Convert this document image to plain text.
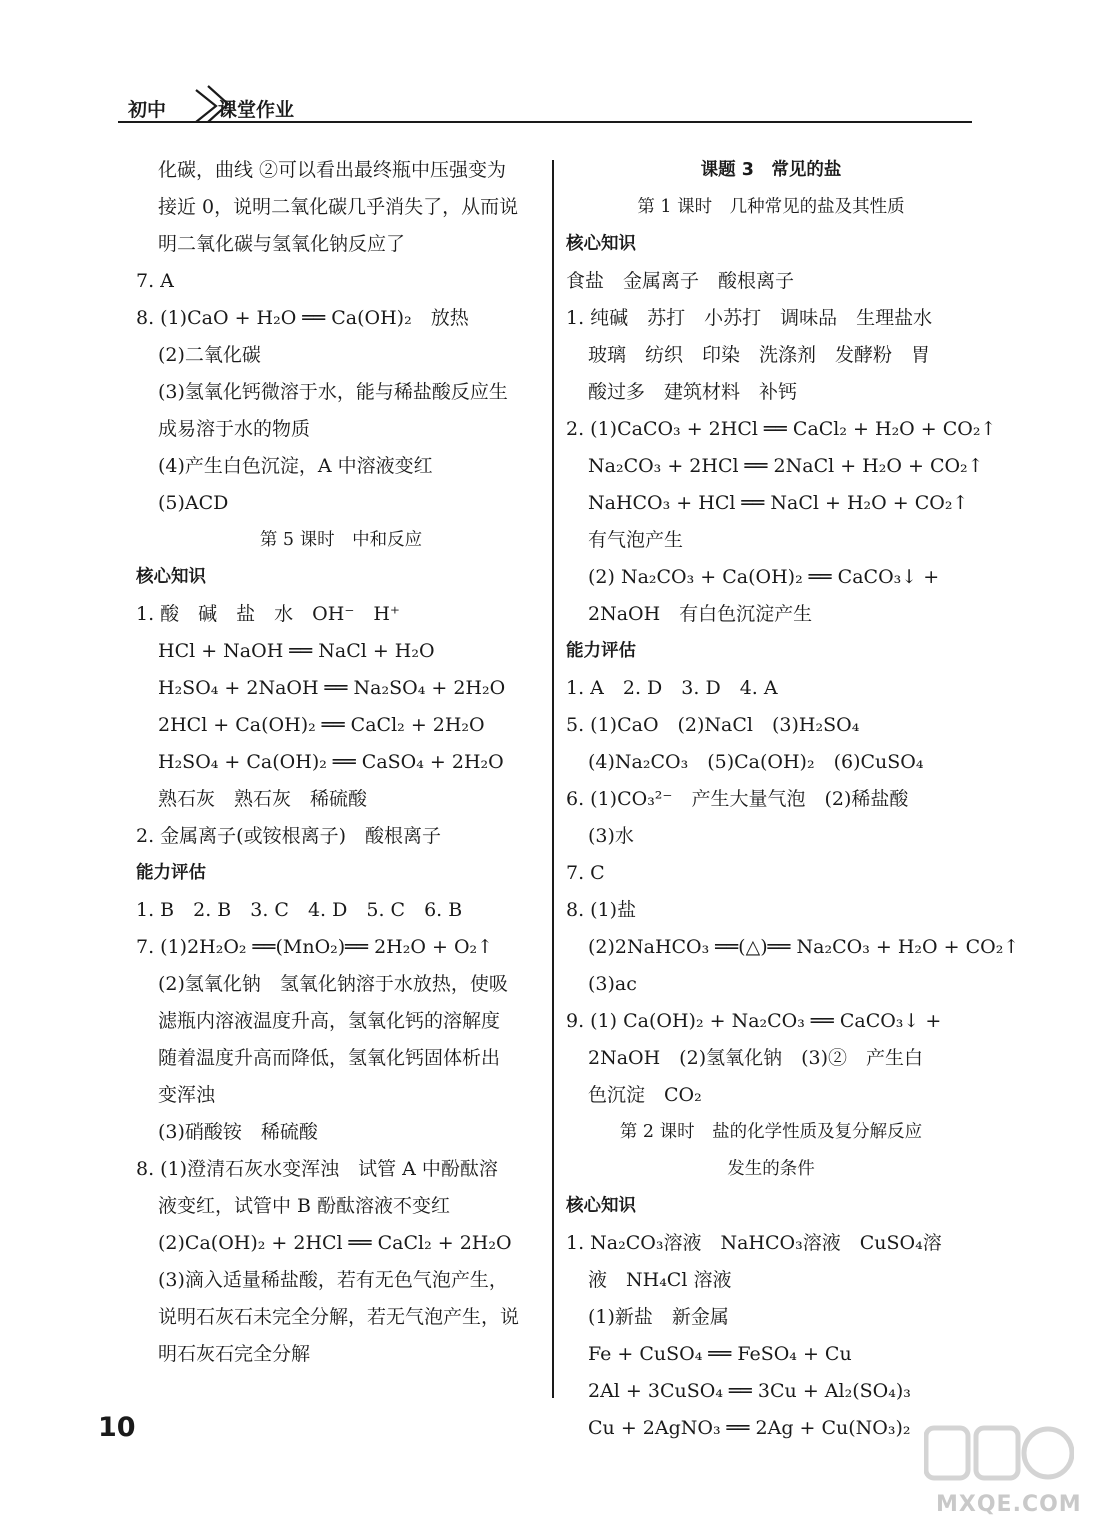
初中	课堂作业
化碳，曲线 ②可以看出最终瓶中压强变为
接近 0，说明二氧化碳几乎消失了，从而说
明二氧化碳与氢氧化钠反应了
7. A
8. (1)CaO + H₂O ══ Ca(OH)₂　放热
(2)二氧化碳
(3)氢氧化钙微溶于水，能与稀盐酸反应生
成易溶于水的物质
(4)产生白色沉淀，A 中溶液变红
(5)ACD
第 5 课时　中和反应
核心知识
1. 酸　碱　盐　水　OH⁻　H⁺
HCl + NaOH ══ NaCl + H₂O
H₂SO₄ + 2NaOH ══ Na₂SO₄ + 2H₂O
2HCl + Ca(OH)₂ ══ CaCl₂ + 2H₂O
H₂SO₄ + Ca(OH)₂ ══ CaSO₄ + 2H₂O
熟石灰　熟石灰　稀硫酸
2. 金属离子(或铵根离子)　酸根离子
能力评估
1. B　2. B　3. C　4. D　5. C　6. B
7. (1)2H₂O₂ ══(MnO₂)══ 2H₂O + O₂↑
(2)氢氧化钠　氢氧化钠溶于水放热，使吸
滤瓶内溶液温度升高，氢氧化钙的溶解度
随着温度升高而降低，氢氧化钙固体析出
变浑浊
(3)硝酸铵　稀硫酸
8. (1)澄清石灰水变浑浊　试管 A 中酚酞溶
液变红，试管中 B 酚酞溶液不变红
(2)Ca(OH)₂ + 2HCl ══ CaCl₂ + 2H₂O
(3)滴入适量稀盐酸，若有无色气泡产生，
说明石灰石未完全分解，若无气泡产生，说
明石灰石完全分解
课题 3　常见的盐
第 1 课时　几种常见的盐及其性质
核心知识
食盐　金属离子　酸根离子
1. 纯碱　苏打　小苏打　调味品　生理盐水
玻璃　纺织　印染　洗涤剂　发酵粉　胃
酸过多　建筑材料　补钙
2. (1)CaCO₃ + 2HCl ══ CaCl₂ + H₂O + CO₂↑
Na₂CO₃ + 2HCl ══ 2NaCl + H₂O + CO₂↑
NaHCO₃ + HCl ══ NaCl + H₂O + CO₂↑
有气泡产生
(2) Na₂CO₃ + Ca(OH)₂ ══ CaCO₃↓ +
2NaOH　有白色沉淀产生
能力评估
1. A　2. D　3. D　4. A
5. (1)CaO　(2)NaCl　(3)H₂SO₄
(4)Na₂CO₃　(5)Ca(OH)₂　(6)CuSO₄
6. (1)CO₃²⁻　产生大量气泡　(2)稀盐酸
(3)水
7. C
8. (1)盐
(2)2NaHCO₃ ══(△)══ Na₂CO₃ + H₂O + CO₂↑
(3)ac
9. (1) Ca(OH)₂ + Na₂CO₃ ══ CaCO₃↓ +
2NaOH　(2)氢氧化钠　(3)②　产生白
色沉淀　CO₂
第 2 课时　盐的化学性质及复分解反应
发生的条件
核心知识
1. Na₂CO₃溶液　NaHCO₃溶液　CuSO₄溶
液　NH₄Cl 溶液
(1)新盐　新金属
Fe + CuSO₄ ══ FeSO₄ + Cu
2Al + 3CuSO₄ ══ 3Cu + Al₂(SO₄)₃
Cu + 2AgNO₃ ══ 2Ag + Cu(NO₃)₂
10
MXQE.COM
